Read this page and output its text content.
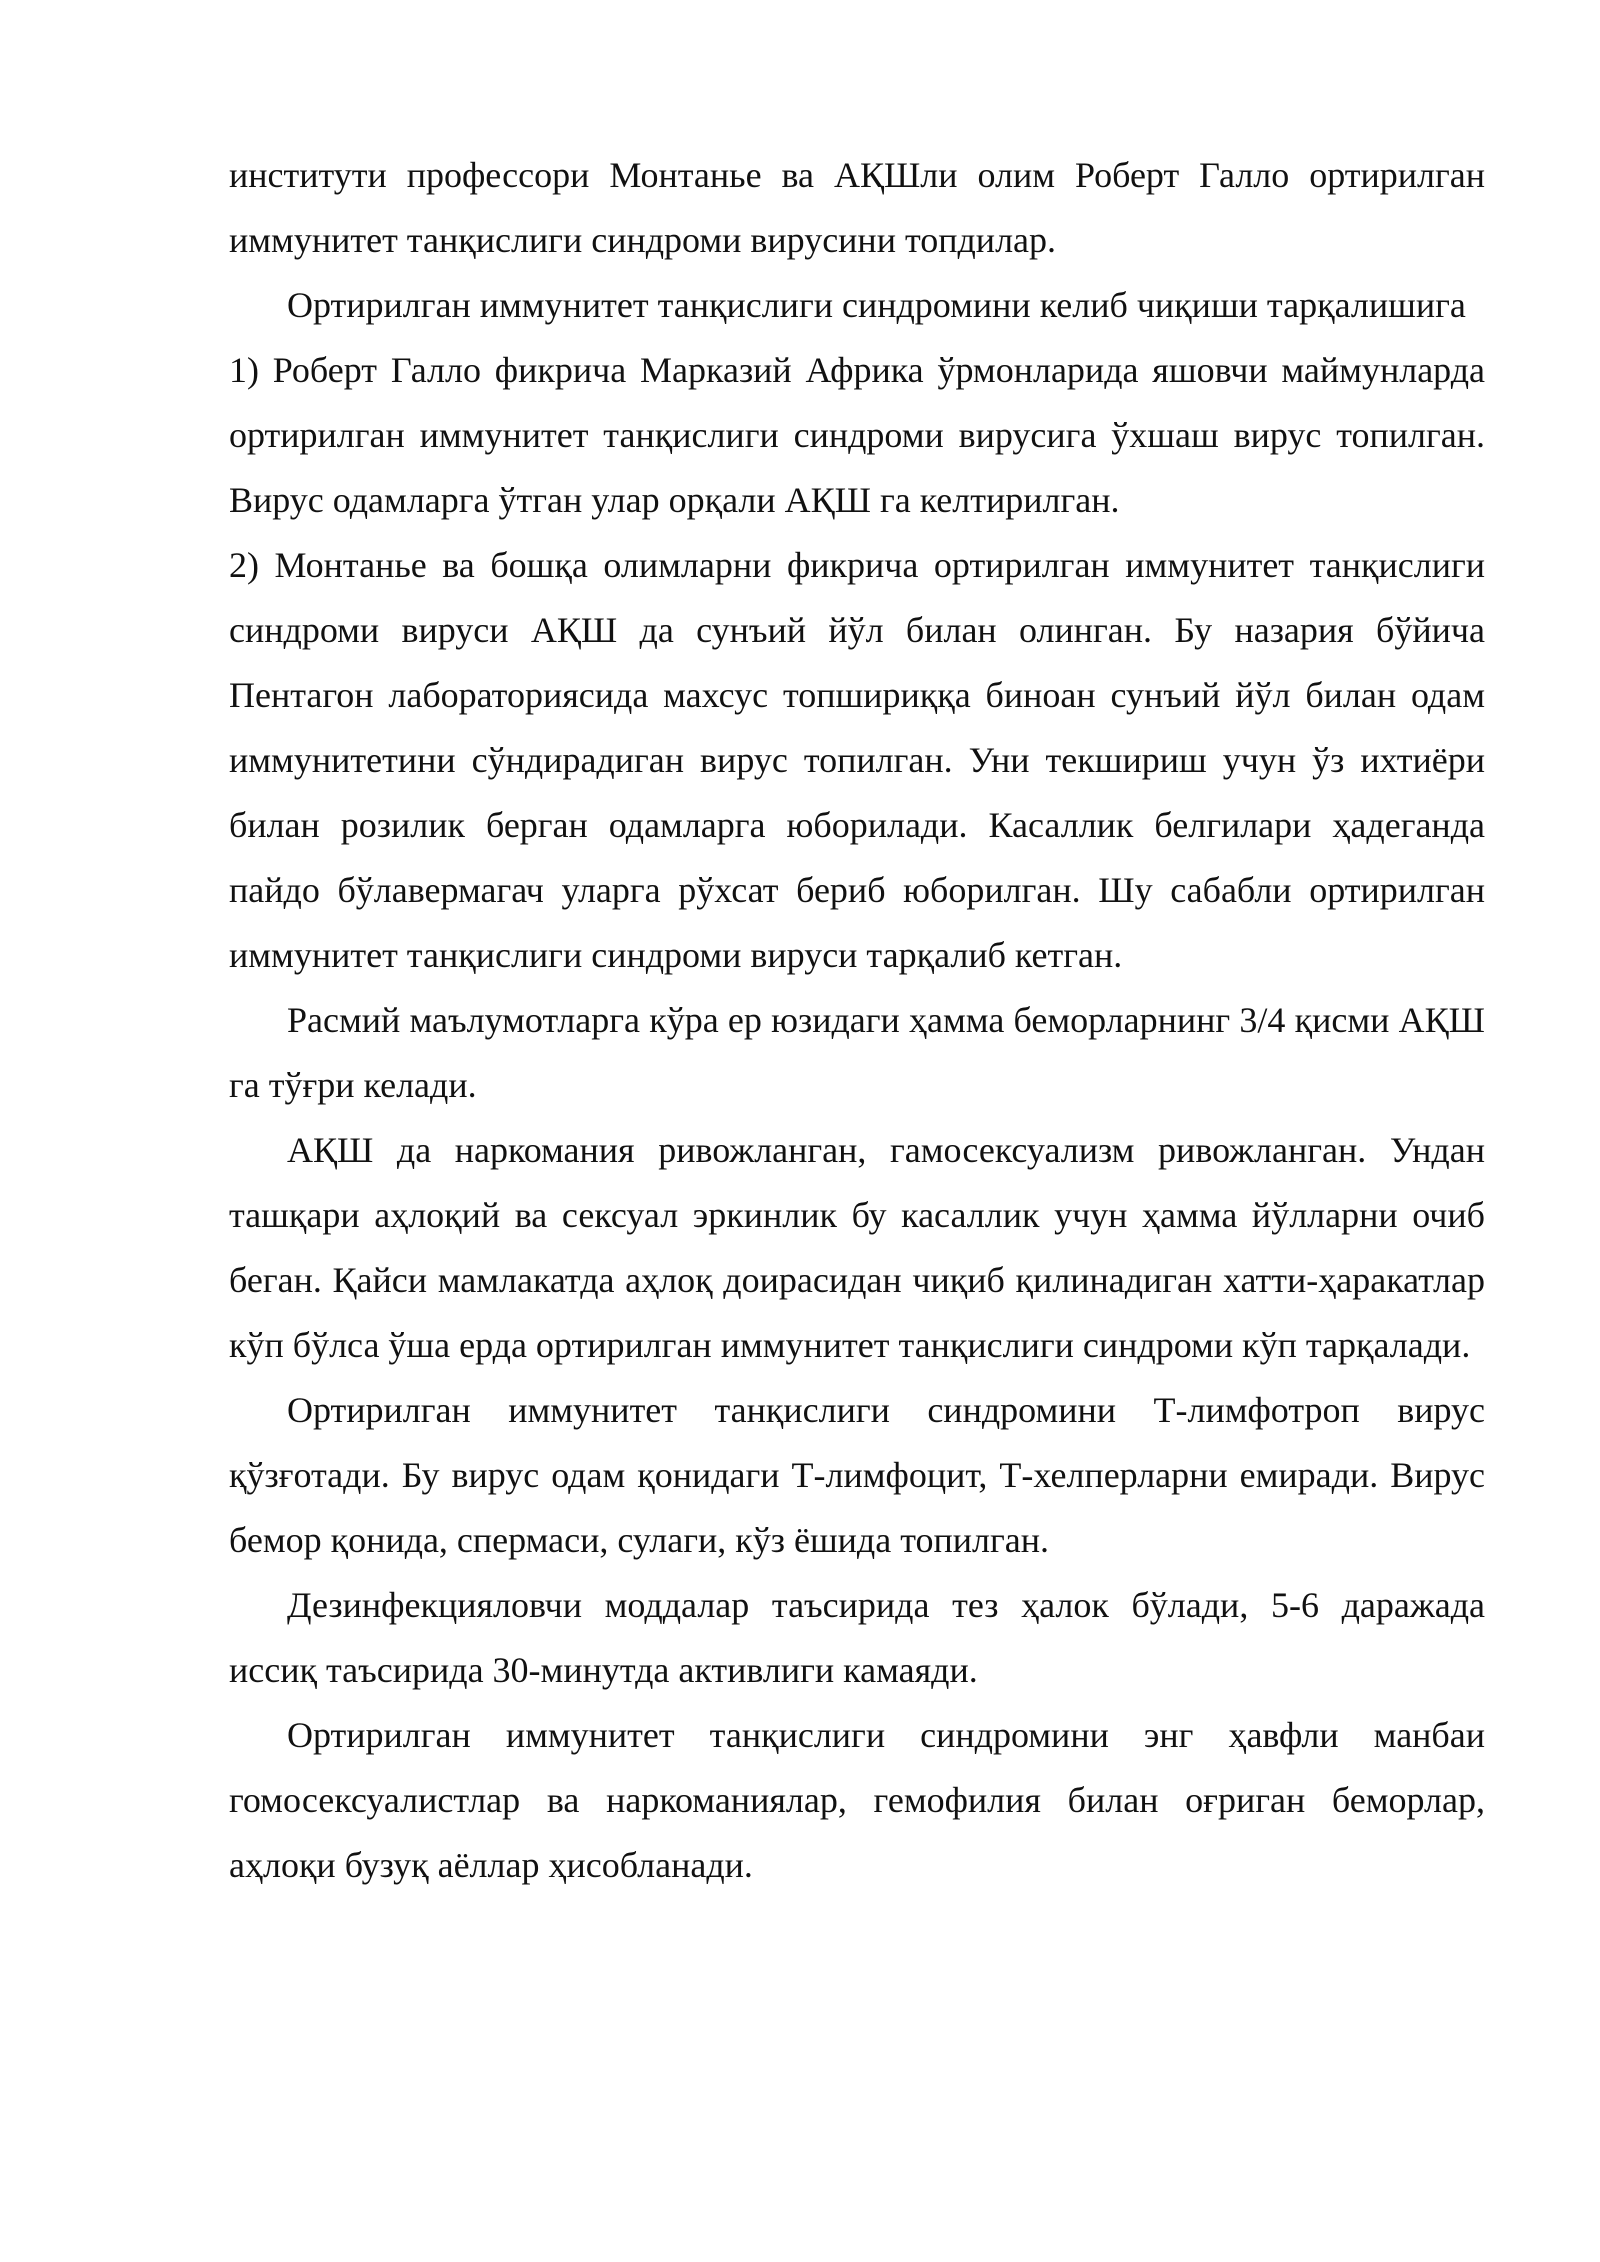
институти профессори Монтанье ва АҚШли олим Роберт Галло ортирилган иммунитет танқислиги синдроми вирусини топдилар.

Ортирилган иммунитет танқислиги синдромини келиб чиқиши тарқалишига

1) Роберт Галло фикрича Марказий Африка ўрмонларида яшовчи маймунларда ортирилган иммунитет танқислиги синдроми вирусига ўхшаш вирус топилган. Вирус одамларга ўтган улар орқали АҚШ га келтирилган.

2) Монтанье ва бошқа олимларни фикрича ортирилган иммунитет танқислиги синдроми вируси АҚШ да сунъий йўл билан олинган. Бу назария бўйича Пентагон лабораториясида махсус топшириққа биноан сунъий йўл билан одам иммунитетини сўндирадиган вирус топилган. Уни текшириш учун ўз ихтиёри билан розилик берган одамларга юборилади. Касаллик белгилари ҳадеганда пайдо бўлавермагач уларга рўхсат бериб юборилган. Шу сабабли ортирилган иммунитет танқислиги синдроми вируси тарқалиб кетган.

Расмий маълумотларга кўра ер юзидаги ҳамма беморларнинг 3/4 қисми АҚШ га тўғри келади.

АҚШ да наркомания ривожланган, гамосексуализм ривожланган. Ундан ташқари аҳлоқий ва сексуал эркинлик бу касаллик учун ҳамма йўлларни очиб беган. Қайси мамлакатда аҳлоқ доирасидан чиқиб қилинадиган хатти-ҳаракатлар кўп бўлса ўша ерда ортирилган иммунитет танқислиги синдроми кўп тарқалади.

Ортирилган иммунитет танқислиги синдромини Т-лимфотроп вирус қўзғотади. Бу вирус одам қонидаги Т-лимфоцит, Т-хелперларни емиради. Вирус бемор қонида, спермаси, сулаги, кўз ёшида топилган.

Дезинфекцияловчи моддалар таъсирида тез ҳалок бўлади, 5-6 даражада иссиқ таъсирида 30-минутда активлиги камаяди.

Ортирилган иммунитет танқислиги синдромини энг ҳавфли манбаи гомосексуалистлар ва наркоманиялар, гемофилия билан оғриган беморлар, аҳлоқи бузуқ аёллар ҳисобланади.
